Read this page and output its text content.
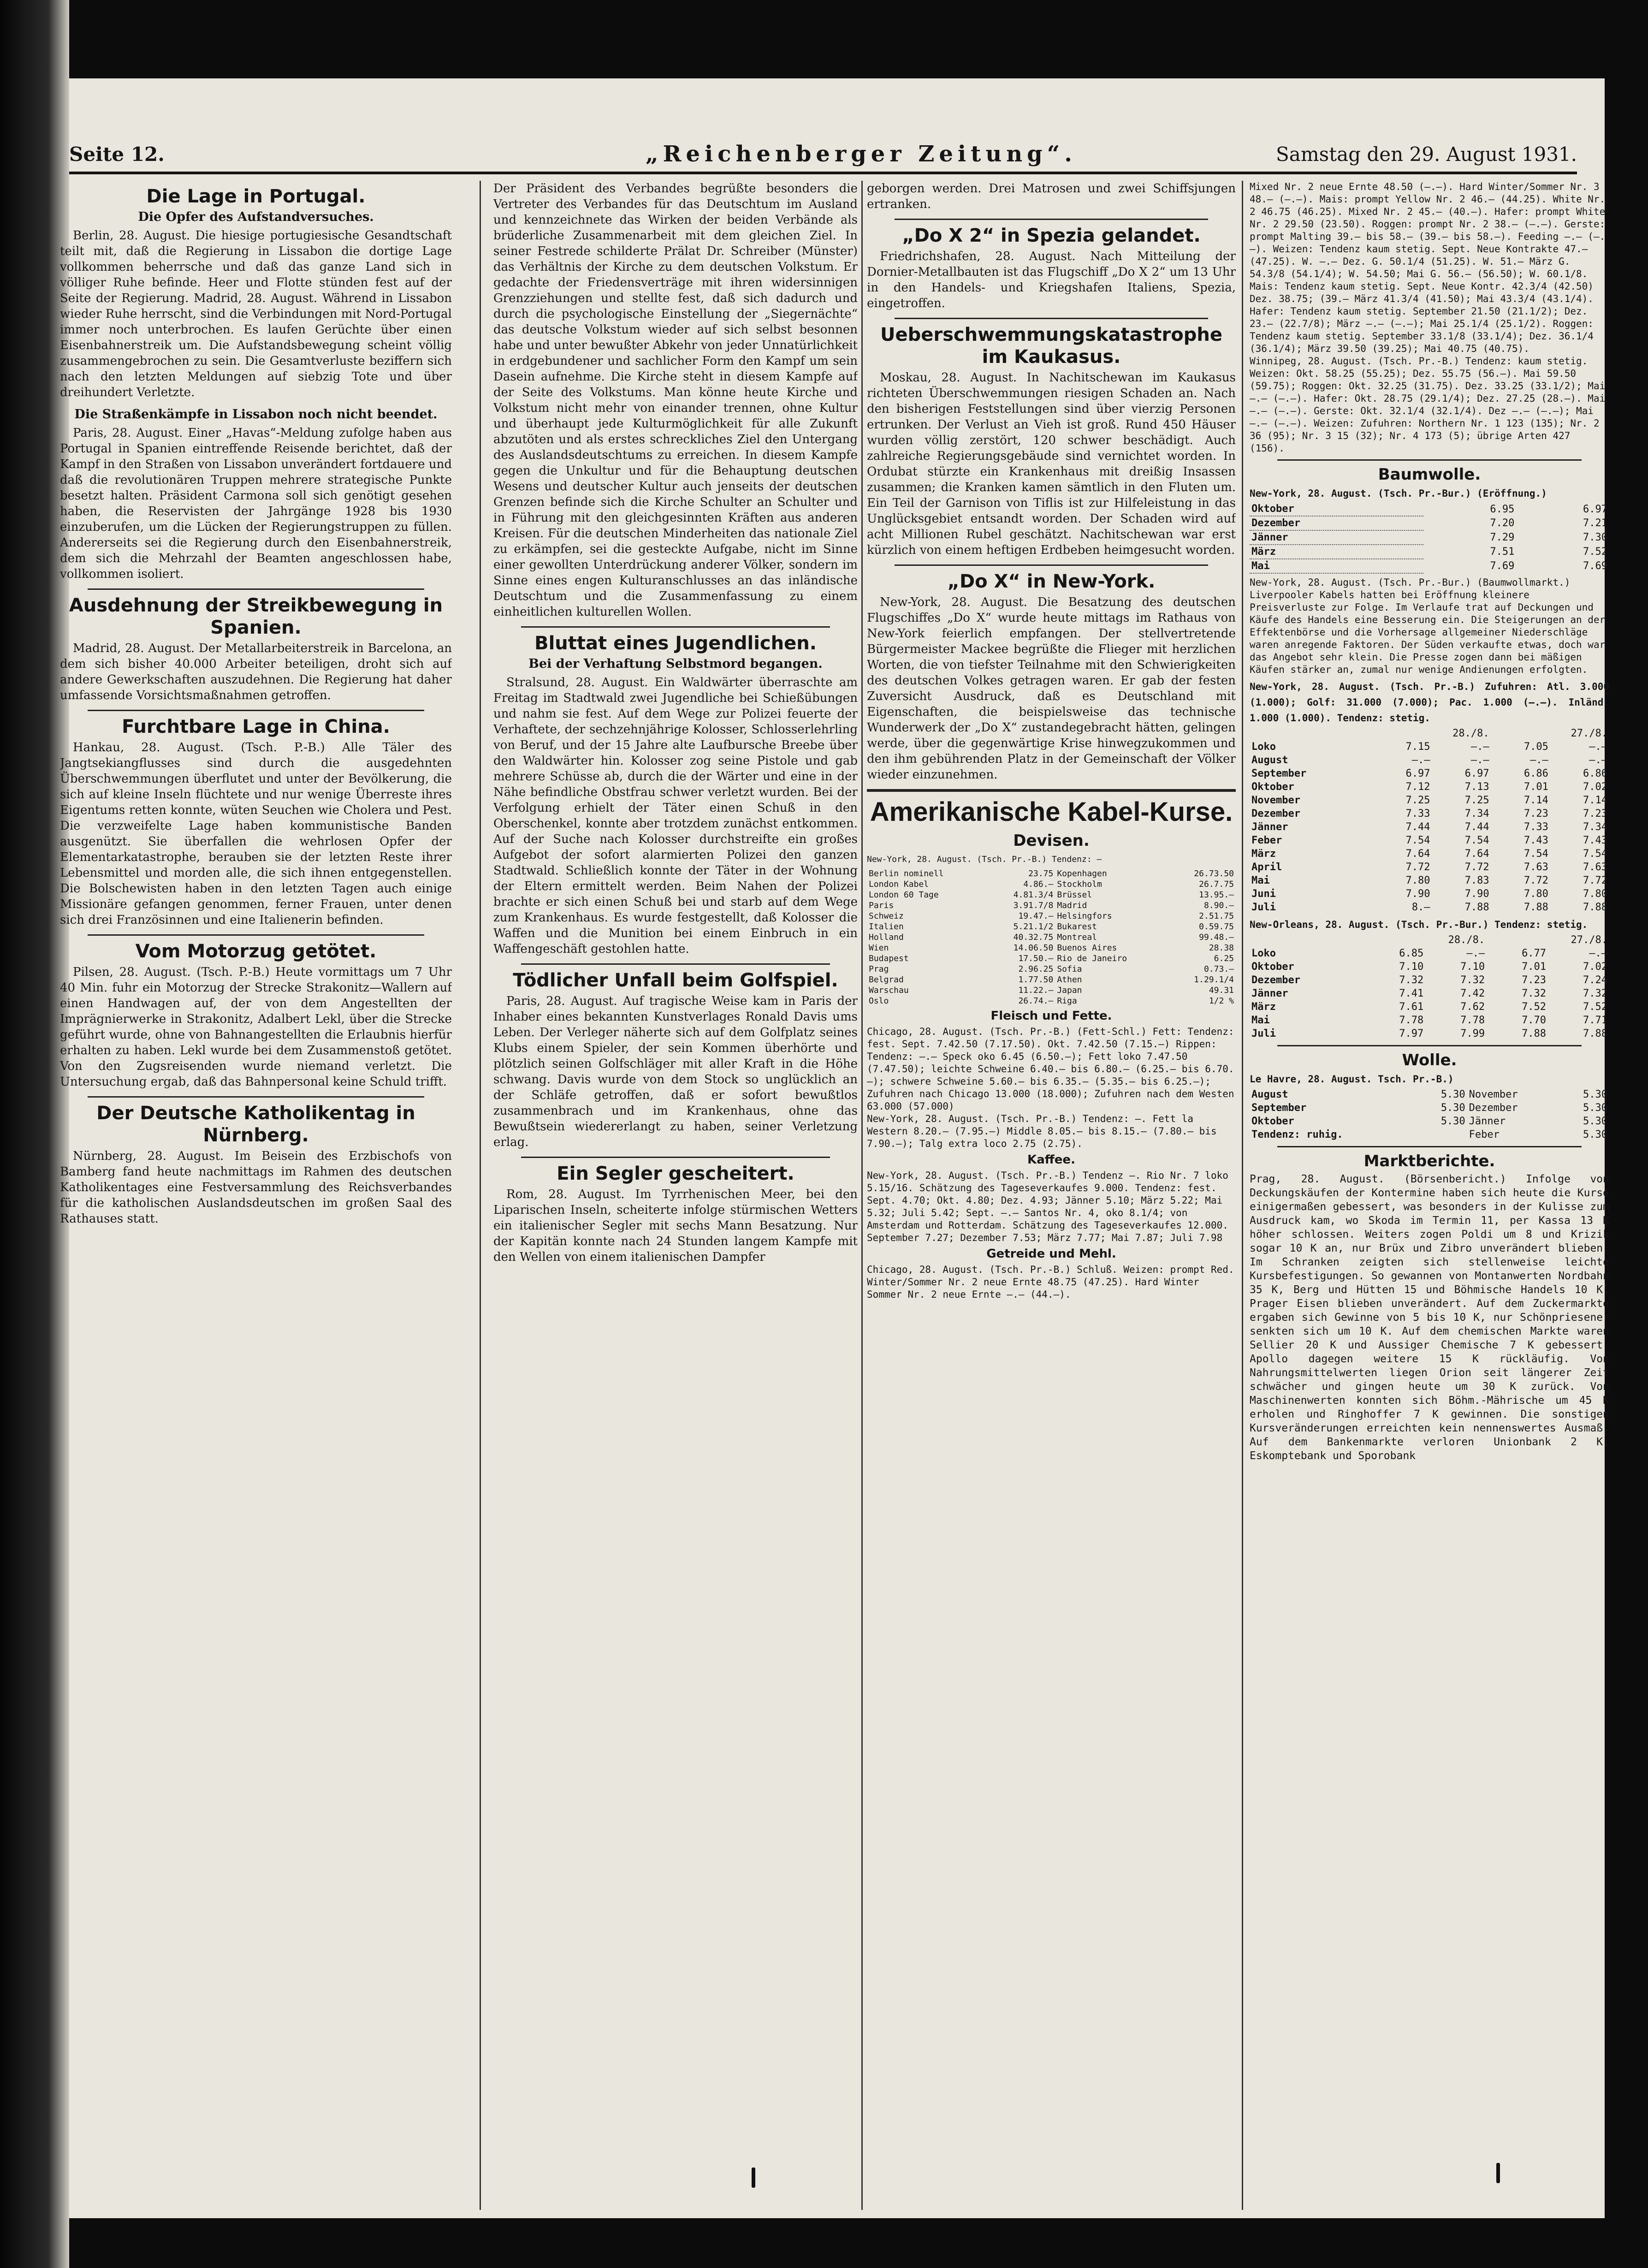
Seite 12.	„Reichenberger Zeitung“.	Samstag den 29. August 1931.
Die Lage in Portugal.
Die Opfer des Aufstandversuches.

Berlin, 28. August. Die hiesige portugiesische Gesandtschaft teilt mit, daß die Regierung in Lissabon die dortige Lage vollkommen beherrsche und daß das ganze Land sich in völliger Ruhe befinde. Heer und Flotte stünden fest auf der Seite der Regierung. Madrid, 28. August. Während in Lissabon wieder Ruhe herrscht, sind die Verbindungen mit Nord-Portugal immer noch unterbrochen. Es laufen Gerüchte über einen Eisenbahnerstreik um. Die Aufstandsbewegung scheint völlig zusammengebrochen zu sein. Die Gesamtverluste beziffern sich nach den letzten Meldungen auf siebzig Tote und über dreihundert Verletzte.

Die Straßenkämpfe in Lissabon noch nicht beendet.

Paris, 28. August. Einer „Havas“-Meldung zufolge haben aus Portugal in Spanien eintreffende Reisende berichtet, daß der Kampf in den Straßen von Lissabon unverändert fortdauere und daß die revolutionären Truppen mehrere strategische Punkte besetzt halten. Präsident Carmona soll sich genötigt gesehen haben, die Reservisten der Jahrgänge 1928 bis 1930 einzuberufen, um die Lücken der Regierungstruppen zu füllen. Andererseits sei die Regierung durch den Eisenbahnerstreik, dem sich die Mehrzahl der Beamten angeschlossen habe, vollkommen isoliert.

Ausdehnung der Streikbewegung in Spanien.

Madrid, 28. August. Der Metallarbeiterstreik in Barcelona, an dem sich bisher 40.000 Arbeiter beteiligen, droht sich auf andere Gewerkschaften auszudehnen. Die Regierung hat daher umfassende Vorsichtsmaßnahmen getroffen.

Furchtbare Lage in China.

Hankau, 28. August. (Tsch. P.-B.) Alle Täler des Jangtsekiangflusses sind durch die ausgedehnten Überschwemmungen überflutet und unter der Bevölkerung, die sich auf kleine Inseln flüchtete und nur wenige Überreste ihres Eigentums retten konnte, wüten Seuchen wie Cholera und Pest. Die verzweifelte Lage haben kommunistische Banden ausgenützt. Sie überfallen die wehrlosen Opfer der Elementarkatastrophe, berauben sie der letzten Reste ihrer Lebensmittel und morden alle, die sich ihnen entgegenstellen. Die Bolschewisten haben in den letzten Tagen auch einige Missionäre gefangen genommen, ferner Frauen, unter denen sich drei Französinnen und eine Italienerin befinden.

Vom Motorzug getötet.

Pilsen, 28. August. (Tsch. P.-B.) Heute vormittags um 7 Uhr 40 Min. fuhr ein Motorzug der Strecke Strakonitz—Wallern auf einen Handwagen auf, der von dem Angestellten der Imprägnierwerke in Strakonitz, Adalbert Lekl, über die Strecke geführt wurde, ohne von Bahnangestellten die Erlaubnis hierfür erhalten zu haben. Lekl wurde bei dem Zusammenstoß getötet. Von den Zugsreisenden wurde niemand verletzt. Die Untersuchung ergab, daß das Bahnpersonal keine Schuld trifft.

Der Deutsche Katholikentag in Nürnberg.

Nürnberg, 28. August. Im Beisein des Erzbischofs von Bamberg fand heute nachmittags im Rahmen des deutschen Katholikentages eine Festversammlung des Reichsverbandes für die katholischen Auslandsdeutschen im großen Saal des Rathauses statt.

Der Präsident des Verbandes begrüßte besonders die Vertreter des Verbandes für das Deutschtum im Ausland und kennzeichnete das Wirken der beiden Verbände als brüderliche Zusammenarbeit mit dem gleichen Ziel. In seiner Festrede schilderte Prälat Dr. Schreiber (Münster) das Verhältnis der Kirche zu dem deutschen Volkstum. Er gedachte der Friedensverträge mit ihren widersinnigen Grenzziehungen und stellte fest, daß sich dadurch und durch die psychologische Einstellung der „Siegernächte“ das deutsche Volkstum wieder auf sich selbst besonnen habe und unter bewußter Abkehr von jeder Unnatürlichkeit in erdgebundener und sachlicher Form den Kampf um sein Dasein aufnehme. Die Kirche steht in diesem Kampfe auf der Seite des Volkstums. Man könne heute Kirche und Volkstum nicht mehr von einander trennen, ohne Kultur und überhaupt jede Kulturmöglichkeit für alle Zukunft abzutöten und als erstes schreckliches Ziel den Untergang des Auslandsdeutschtums zu erreichen. In diesem Kampfe gegen die Unkultur und für die Behauptung deutschen Wesens und deutscher Kultur auch jenseits der deutschen Grenzen befinde sich die Kirche Schulter an Schulter und in Führung mit den gleichgesinnten Kräften aus anderen Kreisen. Für die deutschen Minderheiten das nationale Ziel zu erkämpfen, sei die gesteckte Aufgabe, nicht im Sinne einer gewollten Unterdrückung anderer Völker, sondern im Sinne eines engen Kulturanschlusses an das inländische Deutschtum und die Zusammenfassung zu einem einheitlichen kulturellen Wollen.

Bluttat eines Jugendlichen.
Bei der Verhaftung Selbstmord begangen.

Stralsund, 28. August. Ein Waldwärter überraschte am Freitag im Stadtwald zwei Jugendliche bei Schießübungen und nahm sie fest. Auf dem Wege zur Polizei feuerte der Verhaftete, der sechzehnjährige Kolosser, Schlosserlehrling von Beruf, und der 15 Jahre alte Laufbursche Breebe über den Waldwärter hin. Kolosser zog seine Pistole und gab mehrere Schüsse ab, durch die der Wärter und eine in der Nähe befindliche Obstfrau schwer verletzt wurden. Bei der Verfolgung erhielt der Täter einen Schuß in den Oberschenkel, konnte aber trotzdem zunächst entkommen. Auf der Suche nach Kolosser durchstreifte ein großes Aufgebot der sofort alarmierten Polizei den ganzen Stadtwald. Schließlich konnte der Täter in der Wohnung der Eltern ermittelt werden. Beim Nahen der Polizei brachte er sich einen Schuß bei und starb auf dem Wege zum Krankenhaus. Es wurde festgestellt, daß Kolosser die Waffen und die Munition bei einem Einbruch in ein Waffengeschäft gestohlen hatte.

Tödlicher Unfall beim Golfspiel.

Paris, 28. August. Auf tragische Weise kam in Paris der Inhaber eines bekannten Kunstverlages Ronald Davis ums Leben. Der Verleger näherte sich auf dem Golfplatz seines Klubs einem Spieler, der sein Kommen überhörte und plötzlich seinen Golfschläger mit aller Kraft in die Höhe schwang. Davis wurde von dem Stock so unglücklich an der Schläfe getroffen, daß er sofort bewußtlos zusammenbrach und im Krankenhaus, ohne das Bewußtsein wiedererlangt zu haben, seiner Verletzung erlag.

Ein Segler gescheitert.

Rom, 28. August. Im Tyrrhenischen Meer, bei den Liparischen Inseln, scheiterte infolge stürmischen Wetters ein italienischer Segler mit sechs Mann Besatzung. Nur der Kapitän konnte nach 24 Stunden langem Kampfe mit den Wellen von einem italienischen Dampfer

geborgen werden. Drei Matrosen und zwei Schiffsjungen ertranken.

„Do X 2“ in Spezia gelandet.

Friedrichshafen, 28. August. Nach Mitteilung der Dornier-Metallbauten ist das Flugschiff „Do X 2“ um 13 Uhr in den Handels- und Kriegshafen Italiens, Spezia, eingetroffen.

Ueberschwemmungskatastrophe im Kaukasus.

Moskau, 28. August. In Nachitschewan im Kaukasus richteten Überschwemmungen riesigen Schaden an. Nach den bisherigen Feststellungen sind über vierzig Personen ertrunken. Der Verlust an Vieh ist groß. Rund 450 Häuser wurden völlig zerstört, 120 schwer beschädigt. Auch zahlreiche Regierungsgebäude sind vernichtet worden. In Ordubat stürzte ein Krankenhaus mit dreißig Insassen zusammen; die Kranken kamen sämtlich in den Fluten um. Ein Teil der Garnison von Tiflis ist zur Hilfeleistung in das Unglücksgebiet entsandt worden. Der Schaden wird auf acht Millionen Rubel geschätzt. Nachitschewan war erst kürzlich von einem heftigen Erdbeben heimgesucht worden.

„Do X“ in New-York.

New-York, 28. August. Die Besatzung des deutschen Flugschiffes „Do X“ wurde heute mittags im Rathaus von New-York feierlich empfangen. Der stellvertretende Bürgermeister Mackee begrüßte die Flieger mit herzlichen Worten, die von tiefster Teilnahme mit den Schwierigkeiten des deutschen Volkes getragen waren. Er gab der festen Zuversicht Ausdruck, daß es Deutschland mit Eigenschaften, die beispielsweise das technische Wunderwerk der „Do X“ zustandegebracht hätten, gelingen werde, über die gegenwärtige Krise hinwegzukommen und den ihm gebührenden Platz in der Gemeinschaft der Völker wieder einzunehmen.

Amerikanische Kabel-Kurse.
Devisen.
New-York, 28. August. (Tsch. Pr.-B.) Tendenz: —
Berlin nominell	23.75	Kopenhagen	26.73.50
London Kabel	4.86.—	Stockholm	26.7.75
London 60 Tage	4.81.3/4	Brüssel	13.95.—
Paris	3.91.7/8	Madrid	8.90.—
Schweiz	19.47.—	Helsingfors	2.51.75
Italien	5.21.1/2	Bukarest	0.59.75
Holland	40.32.75	Montreal	99.48.—
Wien	14.06.50	Buenos Aires	28.38
Budapest	17.50.—	Rio de Janeiro	6.25
Prag	2.96.25	Sofia	0.73.—
Belgrad	1.77.50	Athen	1.29.1/4
Warschau	11.22.—	Japan	49.31
Oslo	26.74.—	Riga	1/2 %
Fleisch und Fette.

Chicago, 28. August. (Tsch. Pr.-B.) (Fett-Schl.) Fett: Tendenz: fest. Sept. 7.42.50 (7.17.50). Okt. 7.42.50 (7.15.—) Rippen: Tendenz: —.— Speck oko 6.45 (6.50.—); Fett loko 7.47.50 (7.47.50); leichte Schweine 6.40.— bis 6.80.— (6.25.— bis 6.70.—); schwere Schweine 5.60.— bis 6.35.— (5.35.— bis 6.25.—); Zufuhren nach Chicago 13.000 (18.000); Zufuhren nach dem Westen 63.000 (57.000)
New-York, 28. August. (Tsch. Pr.-B.) Tendenz: —. Fett la Western 8.20.— (7.95.—) Middle 8.05.— bis 8.15.— (7.80.— bis 7.90.—); Talg extra loco 2.75 (2.75).

Kaffee.

New-York, 28. August. (Tsch. Pr.-B.) Tendenz —. Rio Nr. 7 loko 5.15/16. Schätzung des Tageseverkaufes 9.000. Tendenz: fest. Sept. 4.70; Okt. 4.80; Dez. 4.93; Jänner 5.10; März 5.22; Mai 5.32; Juli 5.42; Sept. —.— Santos Nr. 4, oko 8.1/4; von Amsterdam und Rotterdam. Schätzung des Tageseverkaufes 12.000. September 7.27; Dezember 7.53; März 7.77; Mai 7.87; Juli 7.98

Getreide und Mehl.

Chicago, 28. August. (Tsch. Pr.-B.) Schluß. Weizen: prompt Red. Winter/Sommer Nr. 2 neue Ernte 48.75 (47.25). Hard Winter Sommer Nr. 2 neue Ernte —.— (44.—).

Mixed Nr. 2 neue Ernte 48.50 (—.—). Hard Winter/Sommer Nr. 3 48.— (—.—). Mais: prompt Yellow Nr. 2 46.— (44.25). White Nr. 2 46.75 (46.25). Mixed Nr. 2 45.— (40.—). Hafer: prompt White Nr. 2 29.50 (23.50). Roggen: prompt Nr. 2 38.— (—.—). Gerste: prompt Malting 39.— bis 58.— (39.— bis 58.—). Feeding —.— (—.—). Weizen: Tendenz kaum stetig. Sept. Neue Kontrakte 47.— (47.25). W. —.— Dez. G. 50.1/4 (51.25). W. 51.— März G. 54.3/8 (54.1/4); W. 54.50; Mai G. 56.— (56.50); W. 60.1/8. Mais: Tendenz kaum stetig. Sept. Neue Kontr. 42.3/4 (42.50) Dez. 38.75; (39.— März 41.3/4 (41.50); Mai 43.3/4 (43.1/4). Hafer: Tendenz kaum stetig. September 21.50 (21.1/2); Dez. 23.— (22.7/8); März —.— (—.—); Mai 25.1/4 (25.1/2). Roggen: Tendenz kaum stetig. September 33.1/8 (33.1/4); Dez. 36.1/4 (36.1/4); März 39.50 (39.25); Mai 40.75 (40.75).
Winnipeg, 28. August. (Tsch. Pr.-B.) Tendenz: kaum stetig. Weizen: Okt. 58.25 (55.25); Dez. 55.75 (56.—). Mai 59.50 (59.75); Roggen: Okt. 32.25 (31.75). Dez. 33.25 (33.1/2); Mai —.— (—.—). Hafer: Okt. 28.75 (29.1/4); Dez. 27.25 (28.—). Mai —.— (—.—). Gerste: Okt. 32.1/4 (32.1/4). Dez —.— (—.—); Mai —.— (—.—). Weizen: Zufuhren: Northern Nr. 1 123 (135); Nr. 2 36 (95); Nr. 3 15 (32); Nr. 4 173 (5); übrige Arten 427 (156).

Baumwolle.
New-York, 28. August. (Tsch. Pr.-Bur.) (Eröffnung.)
Oktober	6.95	6.97
Dezember	7.20	7.21
Jänner	7.29	7.30
März	7.51	7.52
Mai	7.69	7.69

New-York, 28. August. (Tsch. Pr.-Bur.) (Baumwollmarkt.) Liverpooler Kabels hatten bei Eröffnung kleinere Preisverluste zur Folge. Im Verlaufe trat auf Deckungen und Käufe des Handels eine Besserung ein. Die Steigerungen an der Effektenbörse und die Vorhersage allgemeiner Niederschläge waren anregende Faktoren. Der Süden verkaufte etwas, doch war das Angebot sehr klein. Die Presse zogen dann bei mäßigen Käufen stärker an, zumal nur wenige Andienungen erfolgten.

New-York, 28. August. (Tsch. Pr.-B.) Zufuhren: Atl. 3.000 (1.000); Golf: 31.000 (7.000); Pac. 1.000 (—.—). Inländ. 1.000 (1.000). Tendenz: stetig.
	28./8.		27./8.	
Loko	7.15	—.—	7.05	—.—
August	—.—	—.—	—.—	—.—
September	6.97	6.97	6.86	6.86
Oktober	7.12	7.13	7.01	7.02
November	7.25	7.25	7.14	7.14
Dezember	7.33	7.34	7.23	7.23
Jänner	7.44	7.44	7.33	7.34
Feber	7.54	7.54	7.43	7.43
März	7.64	7.64	7.54	7.54
April	7.72	7.72	7.63	7.63
Mai	7.80	7.83	7.72	7.72
Juni	7.90	7.90	7.80	7.80
Juli	8.—	7.88	7.88	7.88
New-Orleans, 28. August. (Tsch. Pr.-Bur.) Tendenz: stetig.
	28./8.		27./8.	
Loko	6.85	—.—	6.77	—.—
Oktober	7.10	7.10	7.01	7.02
Dezember	7.32	7.32	7.23	7.24
Jänner	7.41	7.42	7.32	7.32
März	7.61	7.62	7.52	7.52
Mai	7.78	7.78	7.70	7.71
Juli	7.97	7.99	7.88	7.88
Wolle.
Le Havre, 28. August. Tsch. Pr.-B.)
August	5.30	November	5.30
September	5.30	Dezember	5.30
Oktober	5.30	Jänner	5.30
Tendenz: ruhig.		Feber	5.30
Marktberichte.

Prag, 28. August. (Börsenbericht.) Infolge von Deckungskäufen der Kontermine haben sich heute die Kurse einigermaßen gebessert, was besonders in der Kulisse zum Ausdruck kam, wo Skoda im Termin 11, per Kassa 13 K höher schlossen. Weiters zogen Poldi um 8 und Krizik sogar 10 K an, nur Brüx und Zibro unverändert blieben. Im Schranken zeigten sich stellenweise leichte Kursbefestigungen. So gewannen von Montanwerten Nordbahn 35 K, Berg und Hütten 15 und Böhmische Handels 10 K. Prager Eisen blieben unverändert. Auf dem Zuckermarkte ergaben sich Gewinne von 5 bis 10 K, nur Schönpriesener senkten sich um 10 K. Auf dem chemischen Markte waren Sellier 20 K und Aussiger Chemische 7 K gebessert. Apollo dagegen weitere 15 K rückläufig. Von Nahrungsmittelwerten liegen Orion seit längerer Zeit schwächer und gingen heute um 30 K zurück. Von Maschinenwerten konnten sich Böhm.-Mährische um 45 K erholen und Ringhoffer 7 K gewinnen. Die sonstigen Kursveränderungen erreichten kein nennenswertes Ausmaß. Auf dem Bankenmarkte verloren Unionbank 2 K, Eskomptebank und Sporobank
